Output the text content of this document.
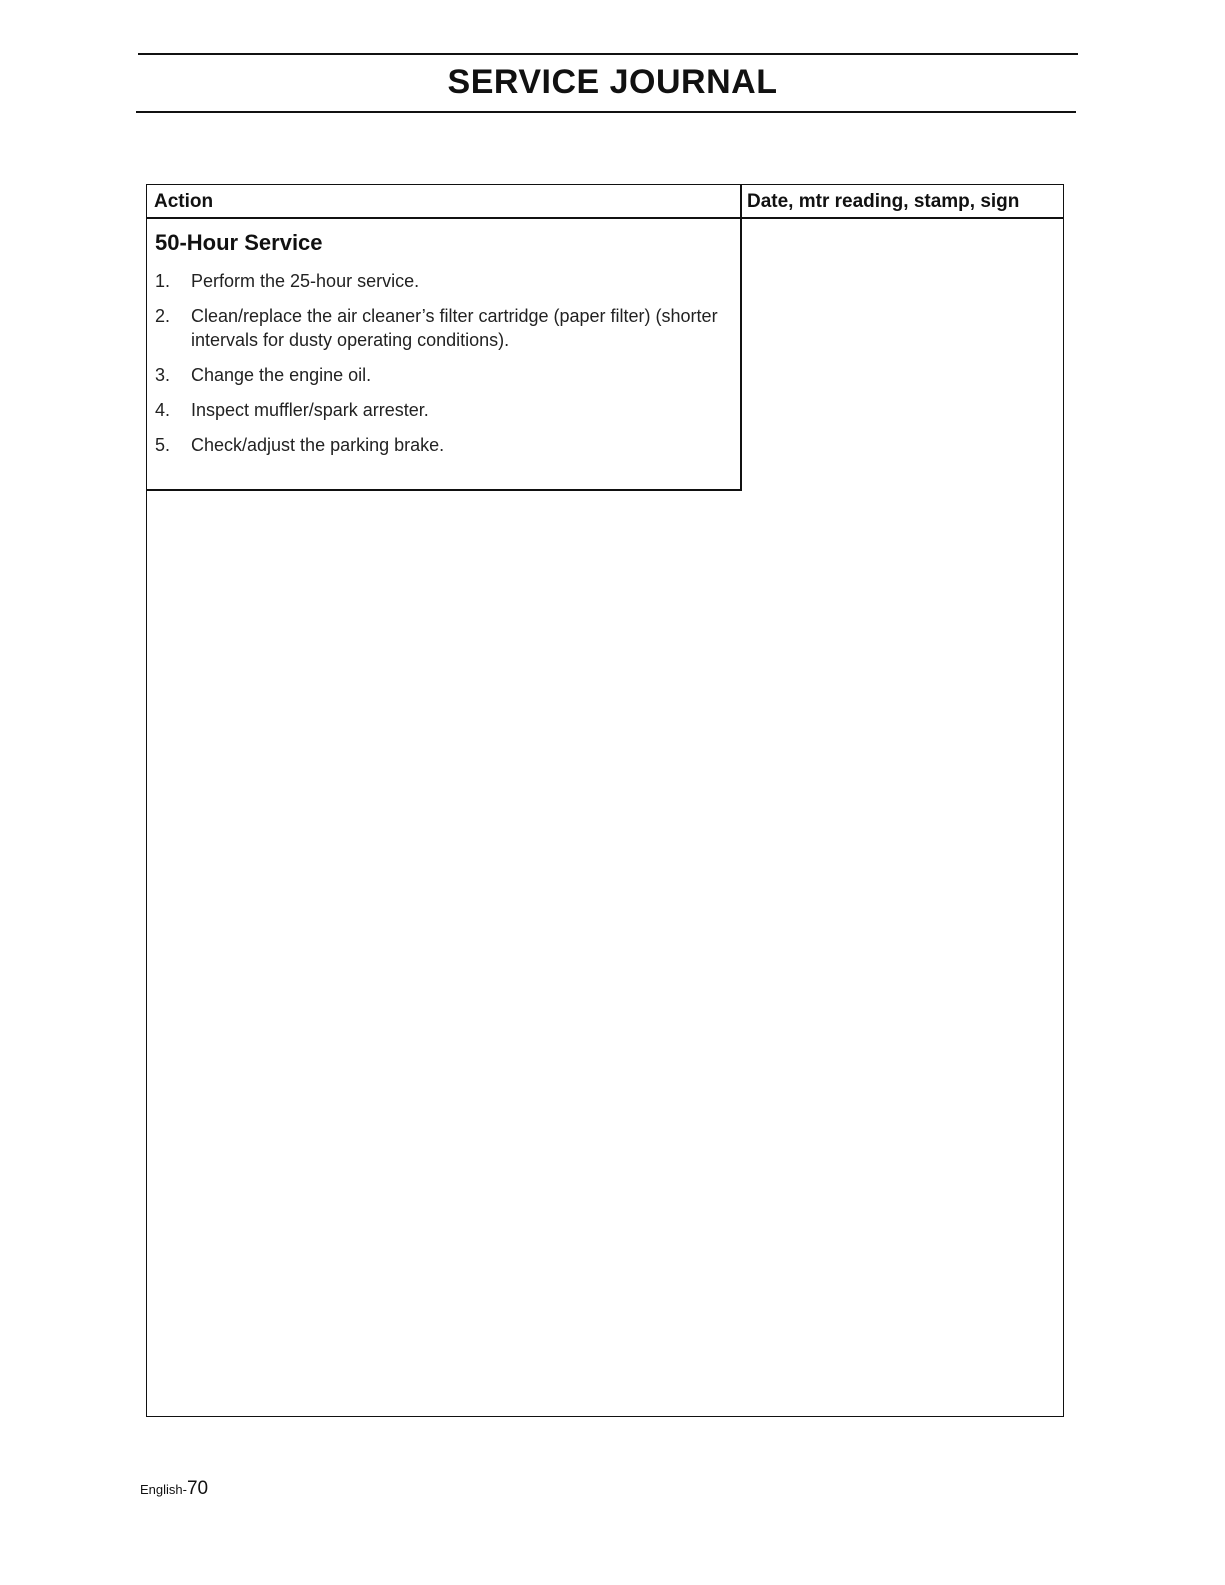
SERVICE JOURNAL
Action	Date, mtr reading, stamp, sign
50-Hour Service
1.	Perform the 25-hour service.
2.	Clean/replace the air cleaner’s filter cartridge (paper filter) (shorter intervals for dusty operating conditions).
3.	Change the engine oil.
4.	Inspect muffler/spark arrester.
5.	Check/adjust the parking brake.
English-70
